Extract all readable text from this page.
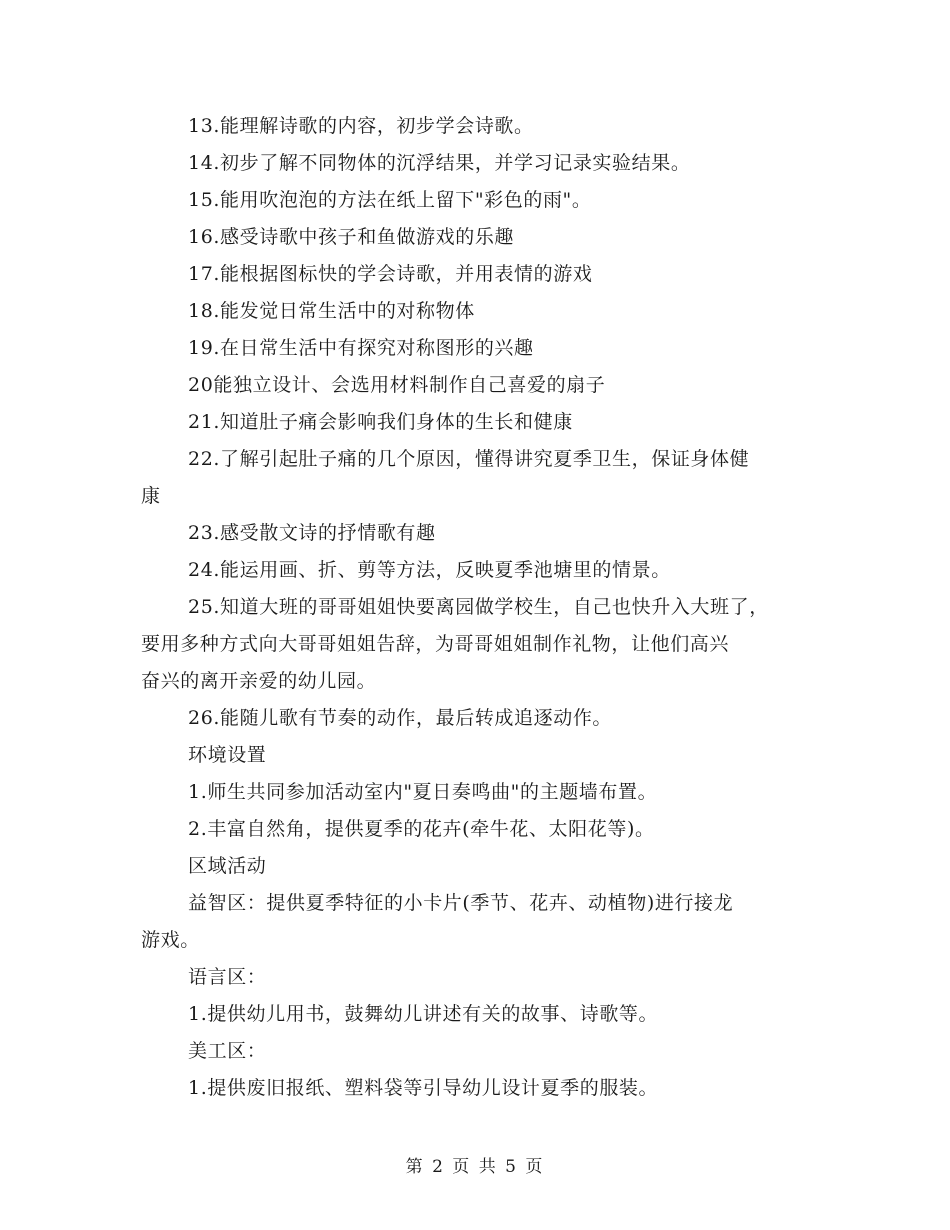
13.能理解诗歌的内容，初步学会诗歌。
14.初步了解不同物体的沉浮结果，并学习记录实验结果。
15.能用吹泡泡的方法在纸上留下"彩色的雨"。
16.感受诗歌中孩子和鱼做游戏的乐趣
17.能根据图标快的学会诗歌，并用表情的游戏
18.能发觉日常生活中的对称物体
19.在日常生活中有探究对称图形的兴趣
20能独立设计、会选用材料制作自己喜爱的扇子
21.知道肚子痛会影响我们身体的生长和健康
22.了解引起肚子痛的几个原因，懂得讲究夏季卫生，保证身体健
康
23.感受散文诗的抒情歌有趣
24.能运用画、折、剪等方法，反映夏季池塘里的情景。
25.知道大班的哥哥姐姐快要离园做学校生，自己也快升入大班了，
要用多种方式向大哥哥姐姐告辞，为哥哥姐姐制作礼物，让他们高兴
奋兴的离开亲爱的幼儿园。
26.能随儿歌有节奏的动作，最后转成追逐动作。
环境设置
1.师生共同参加活动室内"夏日奏鸣曲"的主题墙布置。
2.丰富自然角，提供夏季的花卉(牵牛花、太阳花等)。
区域活动
益智区：提供夏季特征的小卡片(季节、花卉、动植物)进行接龙
游戏。
语言区：
1.提供幼儿用书，鼓舞幼儿讲述有关的故事、诗歌等。
美工区：
1.提供废旧报纸、塑料袋等引导幼儿设计夏季的服装。
第 2 页 共 5 页
